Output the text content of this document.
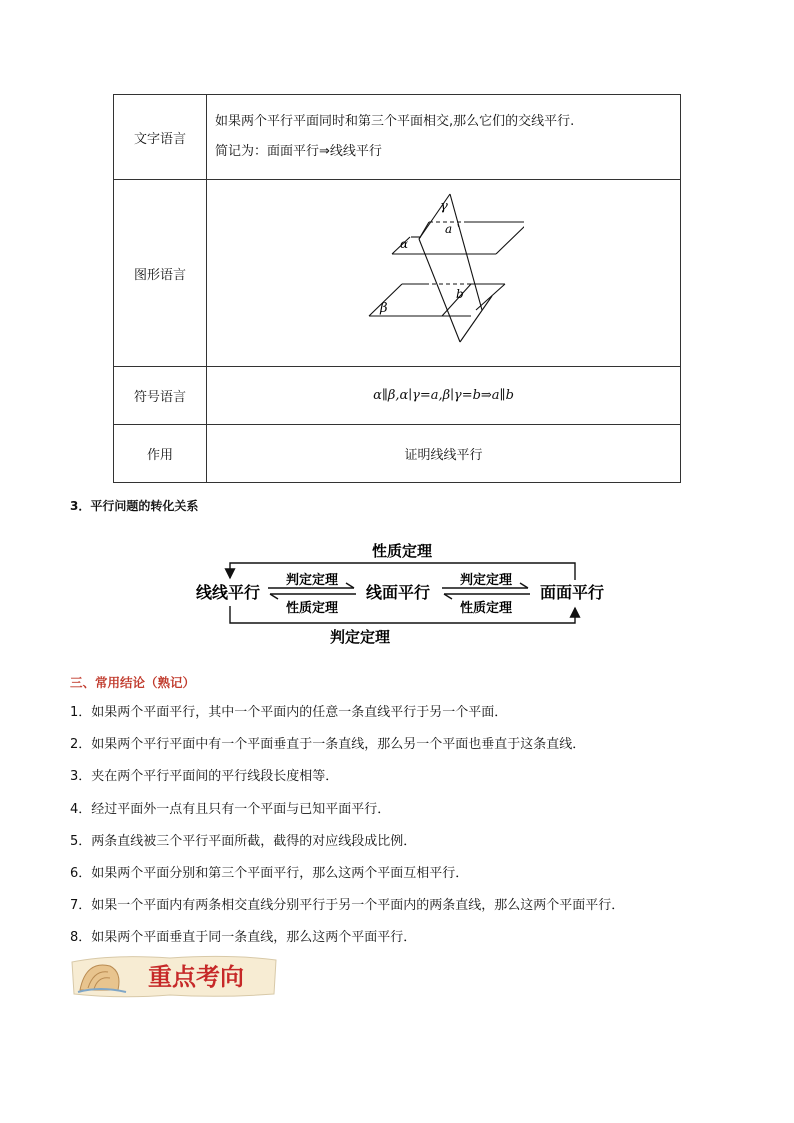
文字语言	如果两个平行平面同时和第三个平面相交,那么它们的交线平行.
简记为：面面平行⇒线线平行

图形语言	γ
a
α
b
β

符号语言	α∥β,α∣γ=a,β∣γ=b⇒a∥b
作用	证明线线平行
3．平行问题的转化关系
性质定理
线线平行
判定定理
性质定理
线面平行
判定定理
性质定理
面面平行
判定定理
三、常用结论（熟记）
1．如果两个平面平行，其中一个平面内的任意一条直线平行于另一个平面．
2．如果两个平行平面中有一个平面垂直于一条直线，那么另一个平面也垂直于这条直线．
3．夹在两个平行平面间的平行线段长度相等．
4．经过平面外一点有且只有一个平面与已知平面平行．
5．两条直线被三个平行平面所截，截得的对应线段成比例．
6．如果两个平面分别和第三个平面平行，那么这两个平面互相平行．
7．如果一个平面内有两条相交直线分别平行于另一个平面内的两条直线，那么这两个平面平行．
8．如果两个平面垂直于同一条直线，那么这两个平面平行．
重点考向
